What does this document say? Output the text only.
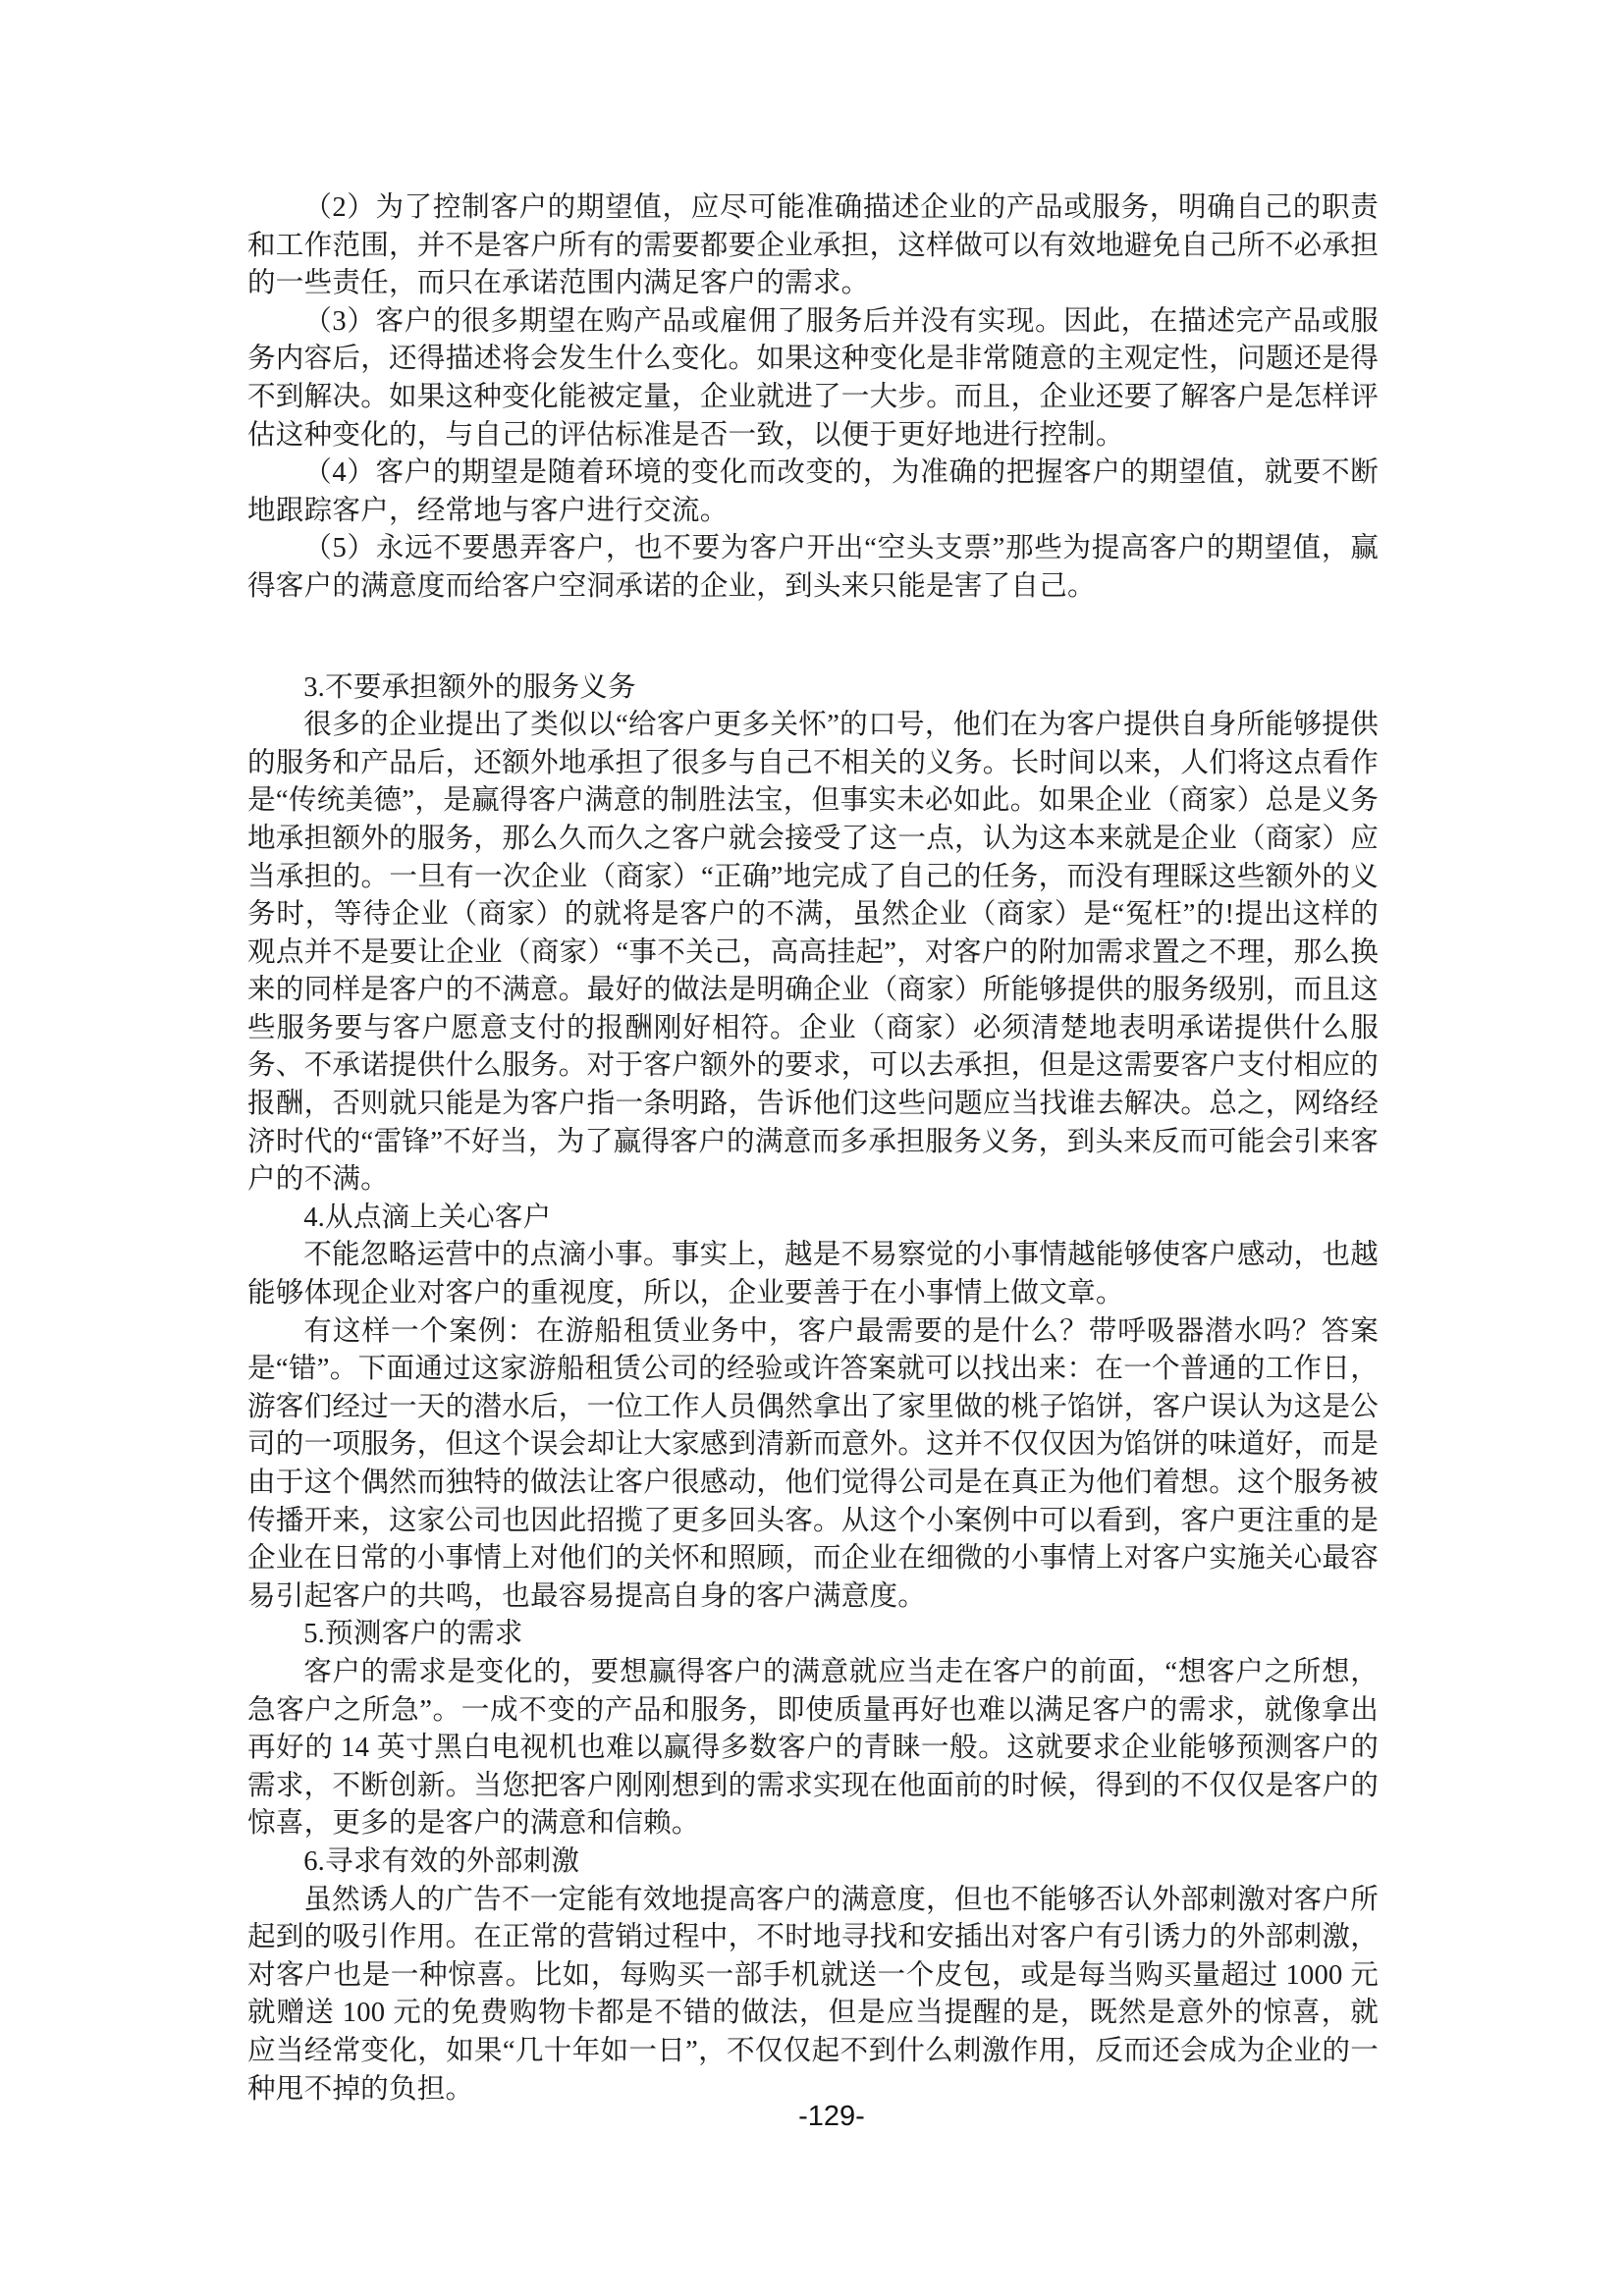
（2）为了控制客户的期望值，应尽可能准确描述企业的产品或服务，明确自己的职责和工作范围，并不是客户所有的需要都要企业承担，这样做可以有效地避免自己所不必承担的一些责任，而只在承诺范围内满足客户的需求。

（3）客户的很多期望在购产品或雇佣了服务后并没有实现。因此，在描述完产品或服务内容后，还得描述将会发生什么变化。如果这种变化是非常随意的主观定性，问题还是得不到解决。如果这种变化能被定量，企业就进了一大步。而且，企业还要了解客户是怎样评估这种变化的，与自己的评估标准是否一致，以便于更好地进行控制。

（4）客户的期望是随着环境的变化而改变的，为准确的把握客户的期望值，就要不断地跟踪客户，经常地与客户进行交流。

（5）永远不要愚弄客户，也不要为客户开出“空头支票”那些为提高客户的期望值，赢得客户的满意度而给客户空洞承诺的企业，到头来只能是害了自己。

3.不要承担额外的服务义务

很多的企业提出了类似以“给客户更多关怀”的口号，他们在为客户提供自身所能够提供的服务和产品后，还额外地承担了很多与自己不相关的义务。长时间以来，人们将这点看作是“传统美德”，是赢得客户满意的制胜法宝，但事实未必如此。如果企业（商家）总是义务地承担额外的服务，那么久而久之客户就会接受了这一点，认为这本来就是企业（商家）应当承担的。一旦有一次企业（商家）“正确”地完成了自己的任务，而没有理睬这些额外的义务时，等待企业（商家）的就将是客户的不满，虽然企业（商家）是“冤枉”的!提出这样的观点并不是要让企业（商家）“事不关己，高高挂起”，对客户的附加需求置之不理，那么换来的同样是客户的不满意。最好的做法是明确企业（商家）所能够提供的服务级别，而且这些服务要与客户愿意支付的报酬刚好相符。企业（商家）必须清楚地表明承诺提供什么服务、不承诺提供什么服务。对于客户额外的要求，可以去承担，但是这需要客户支付相应的报酬，否则就只能是为客户指一条明路，告诉他们这些问题应当找谁去解决。总之，网络经济时代的“雷锋”不好当，为了赢得客户的满意而多承担服务义务，到头来反而可能会引来客户的不满。

4.从点滴上关心客户

不能忽略运营中的点滴小事。事实上，越是不易察觉的小事情越能够使客户感动，也越能够体现企业对客户的重视度，所以，企业要善于在小事情上做文章。

有这样一个案例：在游船租赁业务中，客户最需要的是什么？带呼吸器潜水吗？答案是“错”。下面通过这家游船租赁公司的经验或许答案就可以找出来：在一个普通的工作日，游客们经过一天的潜水后，一位工作人员偶然拿出了家里做的桃子馅饼，客户误认为这是公司的一项服务，但这个误会却让大家感到清新而意外。这并不仅仅因为馅饼的味道好，而是由于这个偶然而独特的做法让客户很感动，他们觉得公司是在真正为他们着想。这个服务被传播开来，这家公司也因此招揽了更多回头客。从这个小案例中可以看到，客户更注重的是企业在日常的小事情上对他们的关怀和照顾，而企业在细微的小事情上对客户实施关心最容易引起客户的共鸣，也最容易提高自身的客户满意度。

5.预测客户的需求

客户的需求是变化的，要想赢得客户的满意就应当走在客户的前面，“想客户之所想，急客户之所急”。一成不变的产品和服务，即使质量再好也难以满足客户的需求，就像拿出再好的 14 英寸黑白电视机也难以赢得多数客户的青睐一般。这就要求企业能够预测客户的需求，不断创新。当您把客户刚刚想到的需求实现在他面前的时候，得到的不仅仅是客户的惊喜，更多的是客户的满意和信赖。

6.寻求有效的外部刺激

虽然诱人的广告不一定能有效地提高客户的满意度，但也不能够否认外部刺激对客户所起到的吸引作用。在正常的营销过程中，不时地寻找和安插出对客户有引诱力的外部刺激，对客户也是一种惊喜。比如，每购买一部手机就送一个皮包，或是每当购买量超过 1000 元就赠送 100 元的免费购物卡都是不错的做法，但是应当提醒的是，既然是意外的惊喜，就应当经常变化，如果“几十年如一日”，不仅仅起不到什么刺激作用，反而还会成为企业的一种甩不掉的负担。

-129-
